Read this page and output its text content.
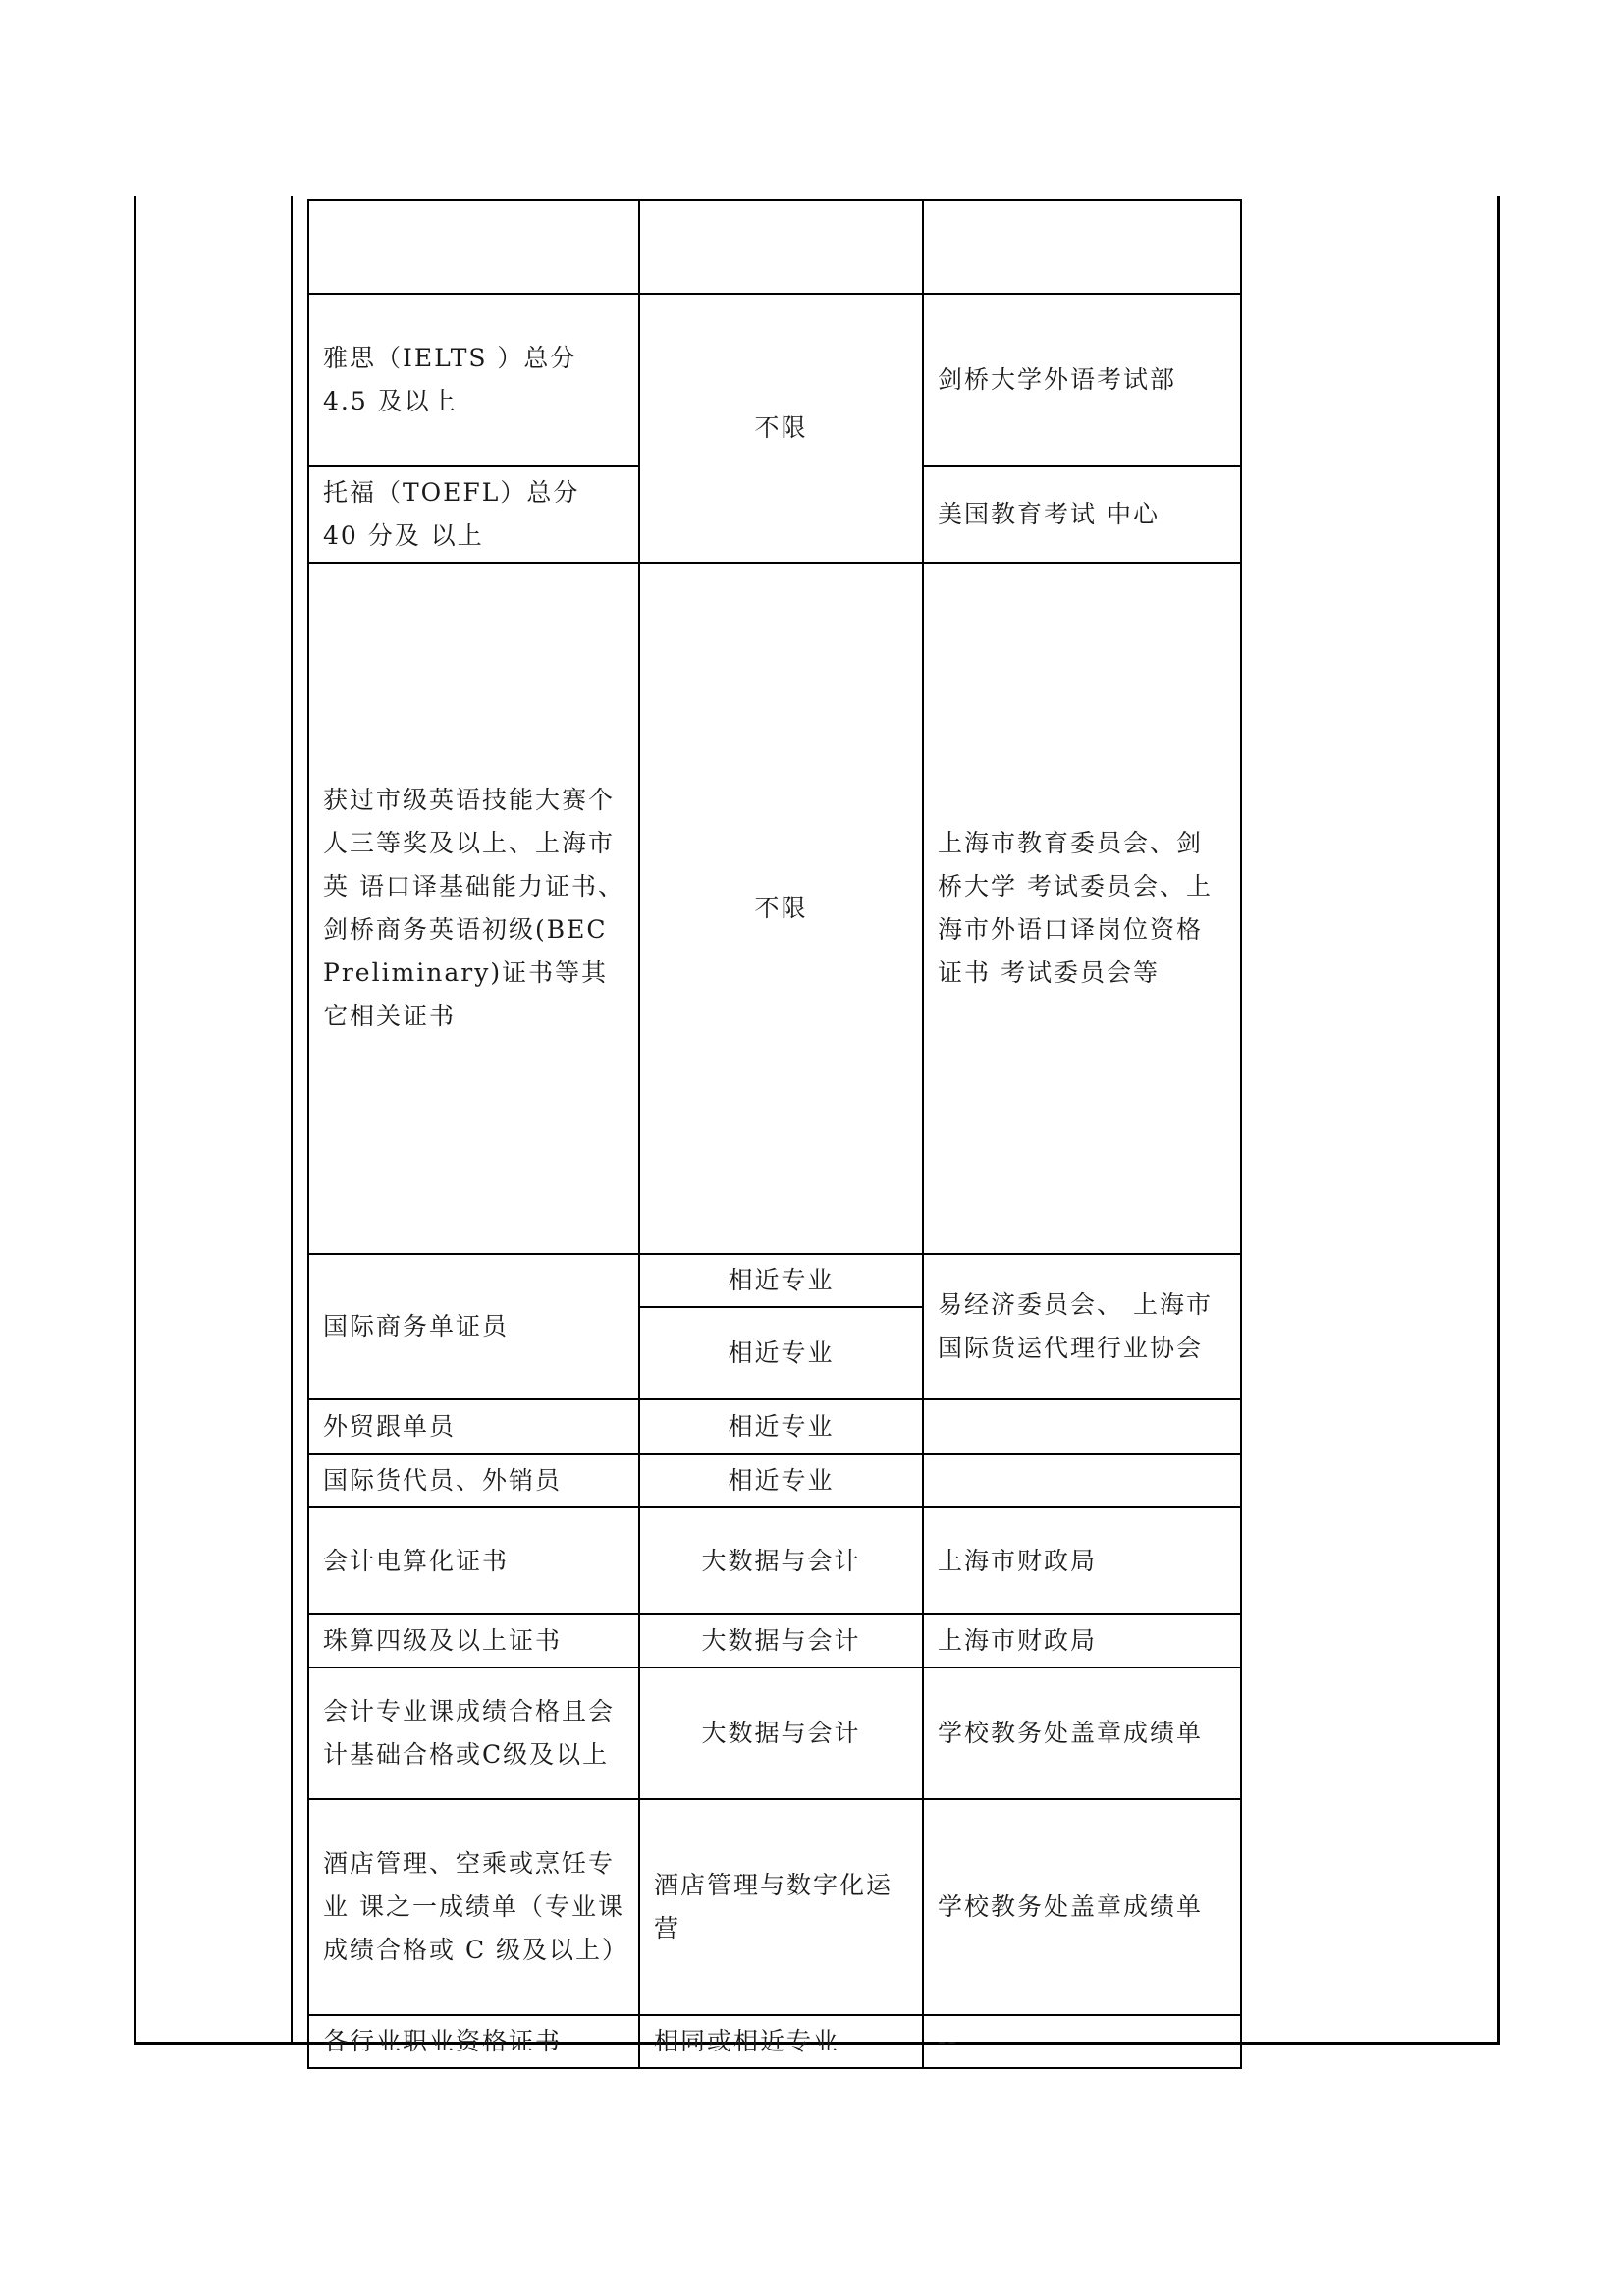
雅思（IELTS ）总分 4.5 及以上	不限	剑桥大学外语考试部
托福（TOEFL）总分 40 分及 以上		美国教育考试 中心
获过市级英语技能大赛个 人三等奖及以上、上海市英 语口译基础能力证书、剑桥商务英语初级(BEC Preliminary)证书等其它相关证书	不限	上海市教育委员会、剑桥大学 考试委员会、上海市外语口译岗位资格证书 考试委员会等
国际商务单证员	相近专业	易经济委员会、 上海市国际货运代理行业协会
	相近专业	
外贸跟单员	相近专业	
国际货代员、外销员	相近专业	
会计电算化证书	大数据与会计	上海市财政局
珠算四级及以上证书	大数据与会计	上海市财政局
会计专业课成绩合格且会计基础合格或C级及以上	大数据与会计	学校教务处盖章成绩单
酒店管理、空乘或烹饪专业 课之一成绩单（专业课成绩合格或 C 级及以上）	酒店管理与数字化运营	学校教务处盖章成绩单
各行业职业资格证书	相同或相近专业	--
